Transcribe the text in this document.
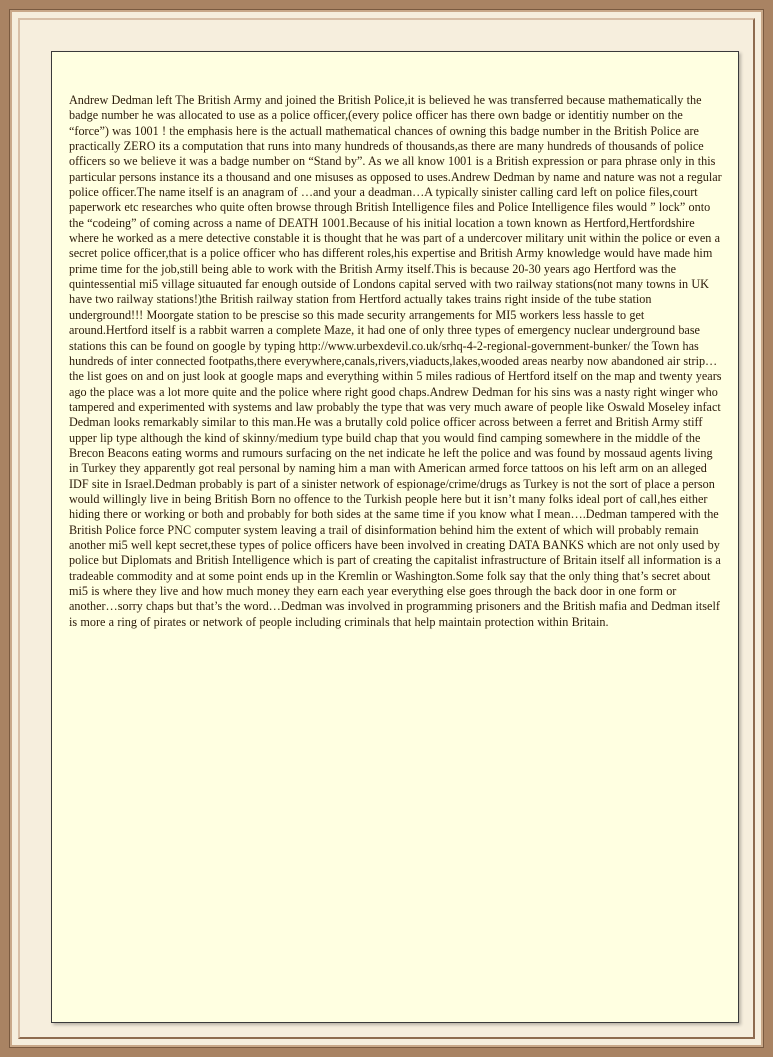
Andrew Dedman left The British Army and joined the British Police,it is believed he was transferred because mathematically the badge number he was allocated to use as a police officer,(every police officer has there own badge or identitiy number on the “force”) was 1001 ! the emphasis here is the actuall mathematical chances of owning this badge number in the British Police are practically ZERO its a computation that runs into many hundreds of thousands,as there are many hundreds of thousands of police officers so we believe it was a badge number on “Stand by”. As we all know 1001 is a British expression or para phrase only in this particular persons instance its a thousand and one misuses as opposed to uses.Andrew Dedman by name and nature was not a regular police officer.The name itself is an anagram of …and your a deadman…A typically sinister calling card left on police files,court paperwork etc researches who quite often browse through British Intelligence files and Police Intelligence files would ” lock” onto the “codeing” of coming across a name of DEATH 1001.Because of his initial location a town known as Hertford,Hertfordshire where he worked as a mere detective constable it is thought that he was part of a undercover military unit within the police or even a secret police officer,that is a police officer who has different roles,his expertise and British Army knowledge would have made him prime time for the job,still being able to work with the British Army itself.This is because 20-30 years ago Hertford was the quintessential mi5 village situauted far enough outside of Londons capital served with two railway stations(not many towns in UK have two railway stations!)the British railway station from Hertford actually takes trains right inside of the tube station underground!!! Moorgate station to be prescise so this made security arrangements for MI5 workers less hassle to get around.Hertford itself is a rabbit warren a complete Maze, it had one of only three types of emergency nuclear underground base stations this can be found on google by typing http://www.urbexdevil.co.uk/srhq-4-2-regional-government-bunker/ the Town has hundreds of inter connected footpaths,there everywhere,canals,rivers,viaducts,lakes,wooded areas nearby now abandoned air strip…the list goes on and on just look at google maps and everything within 5 miles radious of Hertford itself on the map and twenty years ago the place was a lot more quite and the police where right good chaps.Andrew Dedman for his sins was a nasty right winger who tampered and experimented with systems and law probably the type that was very much aware of people like Oswald Moseley infact Dedman looks remarkably similar to this man.He was a brutally cold police officer across between a ferret and British Army stiff upper lip type although the kind of skinny/medium type build chap that you would find camping somewhere in the middle of the Brecon Beacons eating worms and rumours surfacing on the net indicate he left the police and was found by mossaud agents living in Turkey they apparently got real personal by naming him a man with American armed force tattoos on his left arm on an alleged IDF site in Israel.Dedman probably is part of a sinister network of espionage/crime/drugs as Turkey is not the sort of place a person would willingly live in being British Born no offence to the Turkish people here but it isn’t many folks ideal port of call,hes either hiding there or working or both and probably for both sides at the same time if you know what I mean….Dedman tampered with the British Police force PNC computer system leaving a trail of disinformation behind him the extent of which will probably remain another mi5 well kept secret,these types of police officers have been involved in creating DATA BANKS which are not only used by police but Diplomats and British Intelligence which is part of creating the capitalist infrastructure of Britain itself all information is a tradeable commodity and at some point ends up in the Kremlin or Washington.Some folk say that the only thing that’s secret about mi5 is where they live and how much money they earn each year everything else goes through the back door in one form or another…sorry chaps but that’s the word…Dedman was involved in programming prisoners and the British mafia and Dedman itself is more a ring of pirates or network of people including criminals that help maintain protection within Britain.
